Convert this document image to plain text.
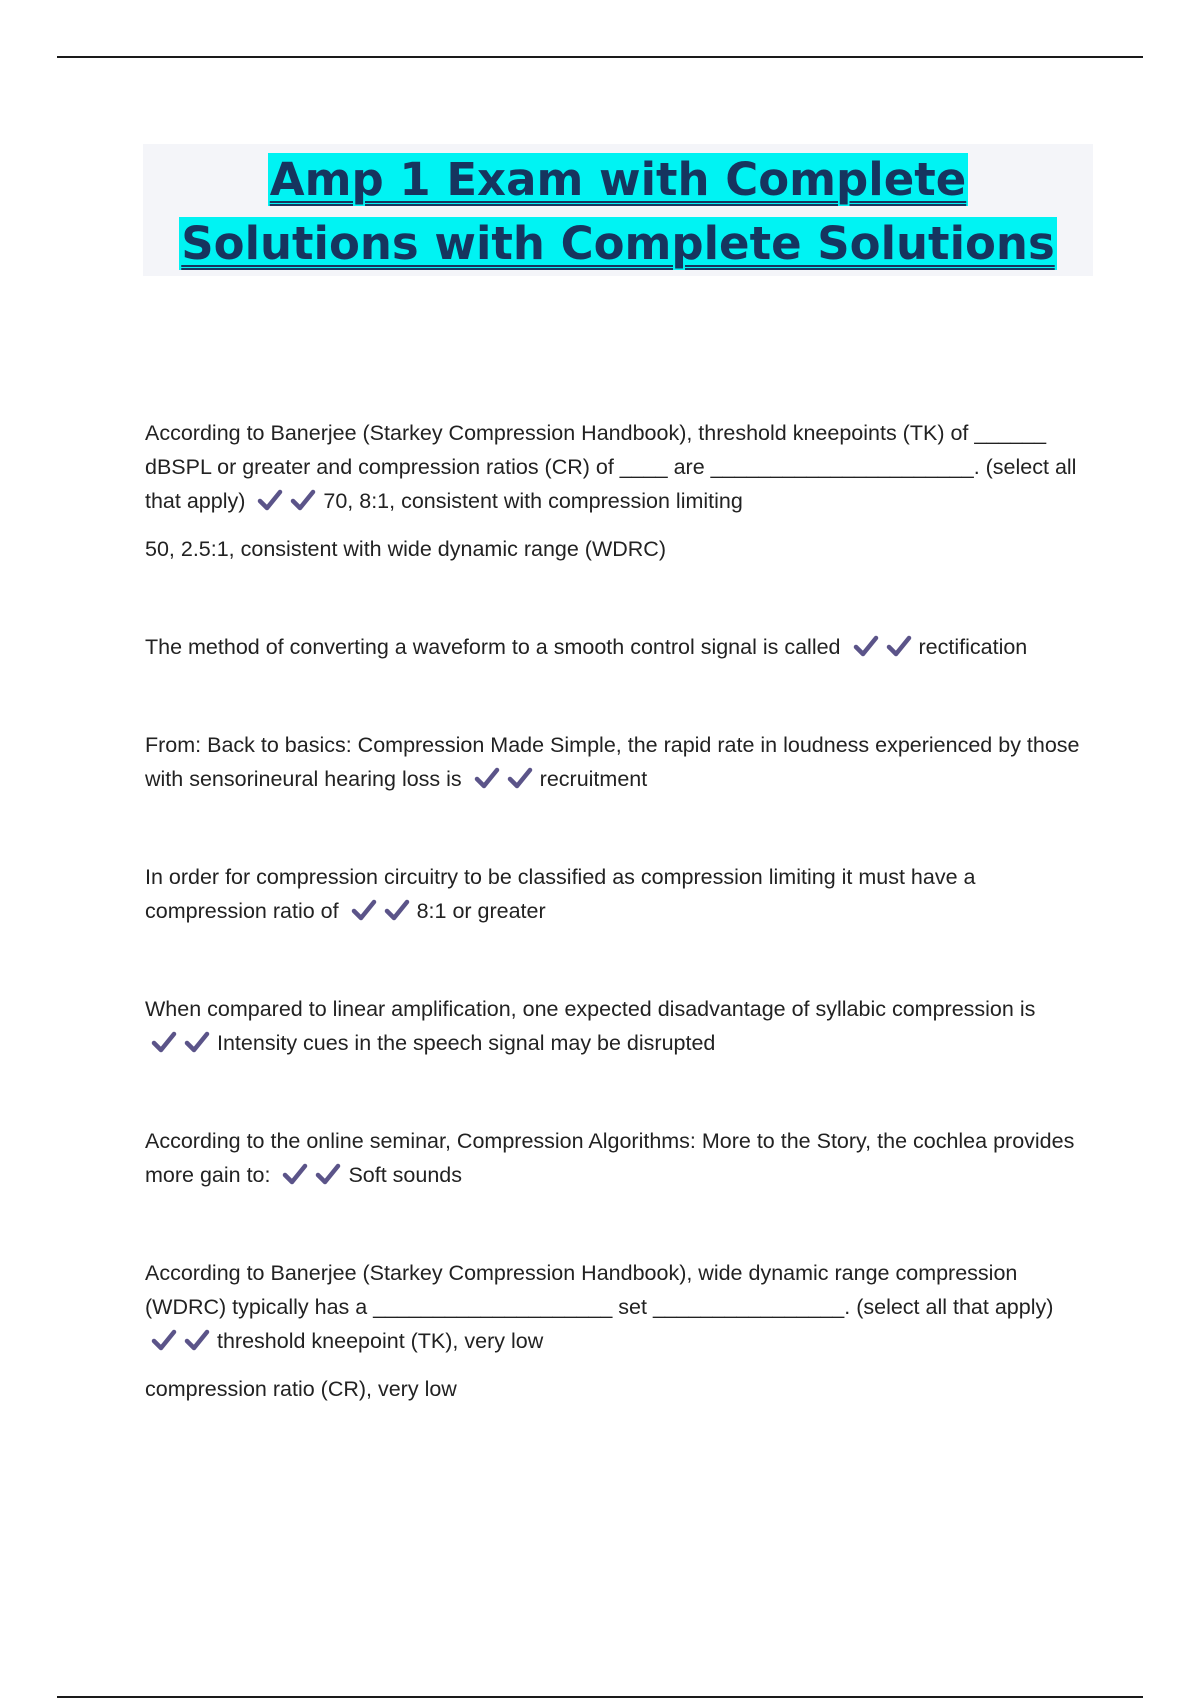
Amp 1 Exam with Complete Solutions with Complete Solutions

According to Banerjee (Starkey Compression Handbook), threshold kneepoints (TK) of ______ dBSPL or greater and compression ratios (CR) of ____ are ______________________. (select all that apply)	70, 8:1, consistent with compression limiting

50, 2.5:1, consistent with wide dynamic range (WDRC)

The method of converting a waveform to a smooth control signal is called	rectification

From: Back to basics: Compression Made Simple, the rapid rate in loudness experienced by those with sensorineural hearing loss is	recruitment

In order for compression circuitry to be classified as compression limiting it must have a compression ratio of	8:1 or greater

When compared to linear amplification, one expected disadvantage of syllabic compression is
Intensity cues in the speech signal may be disrupted

According to the online seminar, Compression Algorithms: More to the Story, the cochlea provides more gain to:	Soft sounds

According to Banerjee (Starkey Compression Handbook), wide dynamic range compression (WDRC) typically has a ____________________ set ________________. (select all that apply)
threshold kneepoint (TK), very low

compression ratio (CR), very low
